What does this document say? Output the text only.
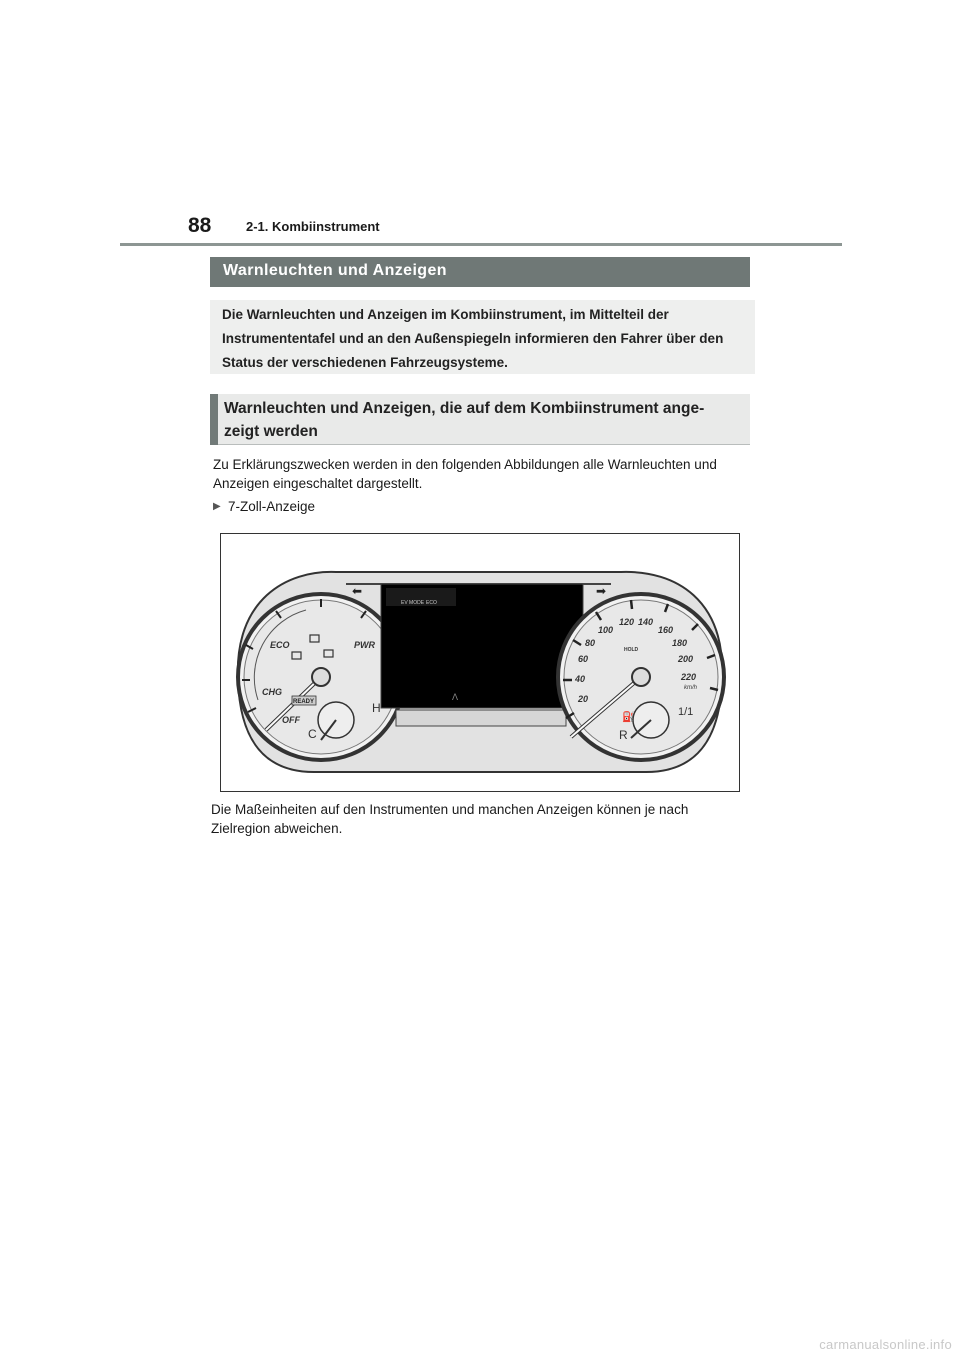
88	2-1. Kombiinstrument
Warnleuchten und Anzeigen
Die Warnleuchten und Anzeigen im Kombiinstrument, im Mittelteil der Instrumententafel und an den Außenspiegeln informieren den Fahrer über den Status der verschiedenen Fahrzeugsysteme.
Warnleuchten und Anzeigen, die auf dem Kombiinstrument ange- zeigt werden
Zu Erklärungszwecken werden in den folgenden Abbildungen alle Warnleuchten und Anzeigen eingeschaltet dargestellt.
▶ 7-Zoll-Anzeige
ECO	PWR
CHG
OFF
READY
C
H
EV MODE ECO
Λ
⬅	➡
20
40
60
80
100
120 140
160
180
200
220
km/h
HOLD
R
1/1
⛽
Die Maßeinheiten auf den Instrumenten und manchen Anzeigen können je nach Zielregion abweichen.
carmanualsonline.info
